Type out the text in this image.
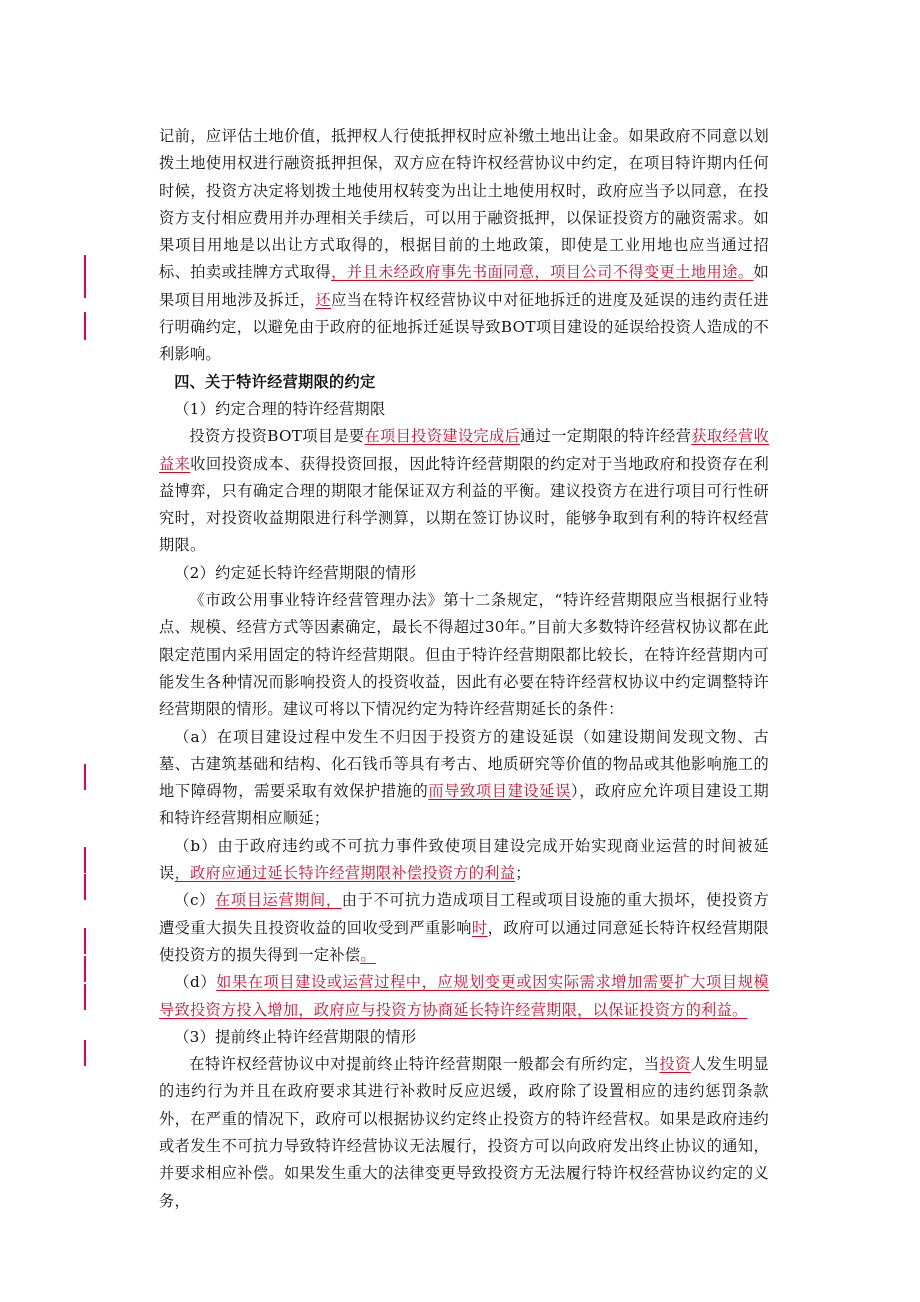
记前，应评估土地价值，抵押权人行使抵押权时应补缴土地出让金。如果政府不同意以划拨土地使用权进行融资抵押担保，双方应在特许权经营协议中约定，在项目特许期内任何时候，投资方决定将划拨土地使用权转变为出让土地使用权时，政府应当予以同意，在投资方支付相应费用并办理相关手续后，可以用于融资抵押，以保证投资方的融资需求。如果项目用地是以出让方式取得的，根据目前的土地政策，即使是工业用地也应当通过招标、拍卖或挂牌方式取得，并且未经政府事先书面同意，项目公司不得变更土地用途。如果项目用地涉及拆迁，还应当在特许权经营协议中对征地拆迁的进度及延误的违约责任进行明确约定，以避免由于政府的征地拆迁延误导致BOT项目建设的延误给投资人造成的不利影响。

四、关于特许经营期限的约定

（1）约定合理的特许经营期限

投资方投资BOT项目是要在项目投资建设完成后通过一定期限的特许经营获取经营收益来收回投资成本、获得投资回报，因此特许经营期限的约定对于当地政府和投资存在利益博弈，只有确定合理的期限才能保证双方利益的平衡。建议投资方在进行项目可行性研究时，对投资收益期限进行科学测算，以期在签订协议时，能够争取到有利的特许权经营期限。

（2）约定延长特许经营期限的情形

《市政公用事业特许经营管理办法》第十二条规定，“特许经营期限应当根据行业特点、规模、经营方式等因素确定，最长不得超过30年。”目前大多数特许经营权协议都在此限定范围内采用固定的特许经营期限。但由于特许经营期限都比较长，在特许经营期内可能发生各种情况而影响投资人的投资收益，因此有必要在特许经营权协议中约定调整特许经营期限的情形。建议可将以下情况约定为特许经营期延长的条件：

（a）在项目建设过程中发生不归因于投资方的建设延误（如建设期间发现文物、古墓、古建筑基础和结构、化石钱币等具有考古、地质研究等价值的物品或其他影响施工的地下障碍物，需要采取有效保护措施的而导致项目建设延误），政府应允许项目建设工期和特许经营期相应顺延；

（b）由于政府违约或不可抗力事件致使项目建设完成开始实现商业运营的时间被延误，政府应通过延长特许经营期限补偿投资方的利益；

（c）在项目运营期间，由于不可抗力造成项目工程或项目设施的重大损坏，使投资方遭受重大损失且投资收益的回收受到严重影响时，政府可以通过同意延长特许权经营期限使投资方的损失得到一定补偿。

（d）如果在项目建设或运营过程中，应规划变更或因实际需求增加需要扩大项目规模导致投资方投入增加，政府应与投资方协商延长特许经营期限，以保证投资方的利益。

（3）提前终止特许经营期限的情形

在特许权经营协议中对提前终止特许经营期限一般都会有所约定，当投资人发生明显的违约行为并且在政府要求其进行补救时反应迟缓，政府除了设置相应的违约惩罚条款外，在严重的情况下，政府可以根据协议约定终止投资方的特许经营权。如果是政府违约或者发生不可抗力导致特许经营协议无法履行，投资方可以向政府发出终止协议的通知，并要求相应补偿。如果发生重大的法律变更导致投资方无法履行特许权经营协议约定的义务，
